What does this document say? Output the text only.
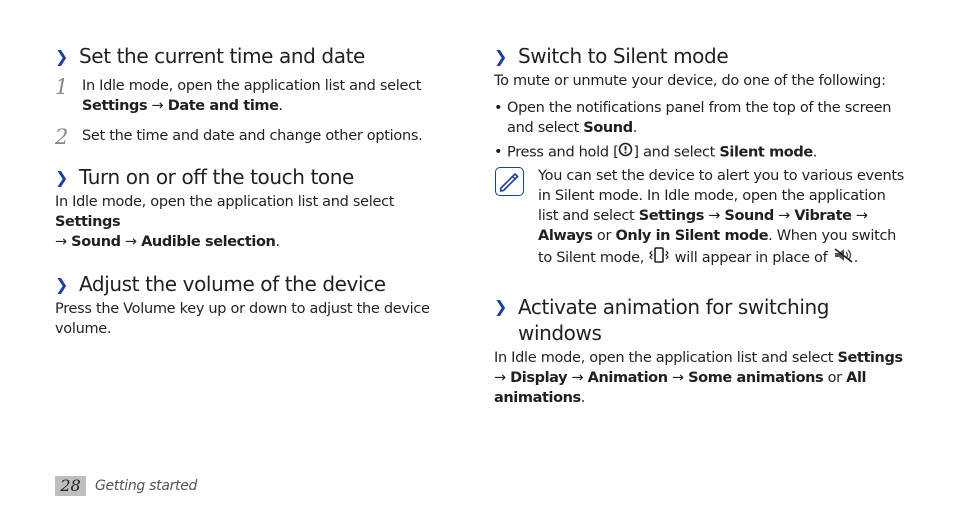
❯ Set the current time and date
1 In Idle mode, open the application list and select
Settings → Date and time.
2 Set the time and date and change other options.
❯ Turn on or off the touch tone
In Idle mode, open the application list and select Settings
→ Sound → Audible selection.
❯ Adjust the volume of the device
Press the Volume key up or down to adjust the device volume.
❯ Switch to Silent mode
To mute or unmute your device, do one of the following:
• Open the notifications panel from the top of the screen and select Sound.
• Press and hold [ ] and select Silent mode.
You can set the device to alert you to various events in Silent mode. In Idle mode, open the application list and select Settings → Sound → Vibrate →
Always or Only in Silent mode. When you switch to Silent mode,  will appear in place of .
❯ Activate animation for switching windows
In Idle mode, open the application list and select Settings
→ Display → Animation → Some animations or All animations.
28	Getting started
